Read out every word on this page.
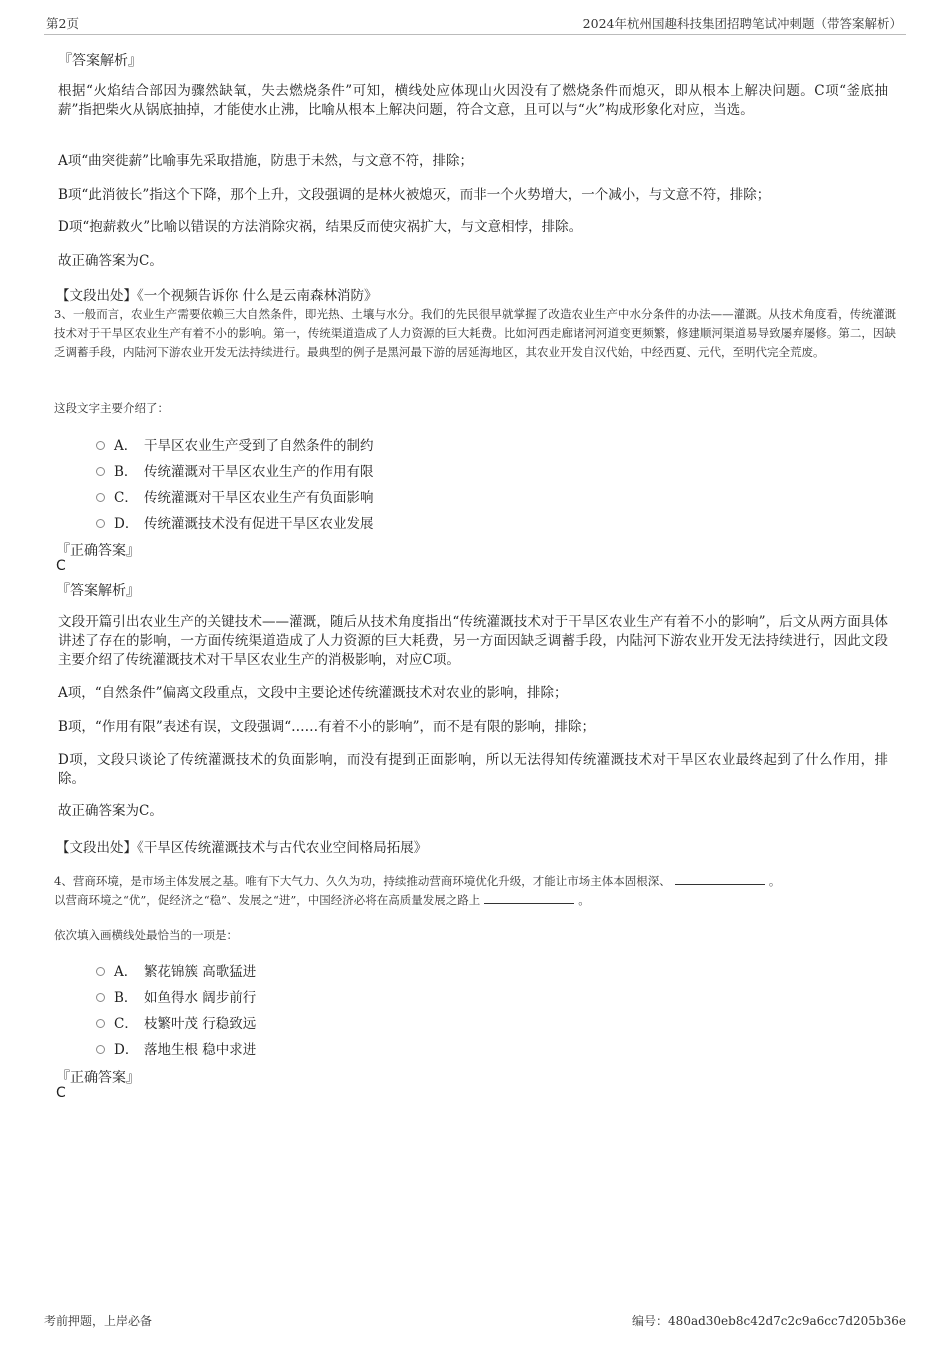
第2页	2024年杭州国趣科技集团招聘笔试冲刺题（带答案解析）
『答案解析』
根据“火焰结合部因为骤然缺氧，失去燃烧条件”可知，横线处应体现山火因没有了燃烧条件而熄灭，即从根本上解决问题。C项“釜底抽薪”指把柴火从锅底抽掉，才能使水止沸，比喻从根本上解决问题，符合文意，且可以与“火”构成形象化对应，当选。
A项“曲突徙薪”比喻事先采取措施，防患于未然，与文意不符，排除；
B项“此消彼长”指这个下降，那个上升，文段强调的是林火被熄灭，而非一个火势增大，一个减小，与文意不符，排除；
D项“抱薪救火”比喻以错误的方法消除灾祸，结果反而使灾祸扩大，与文意相悖，排除。
故正确答案为C。
【文段出处】《一个视频告诉你 什么是云南森林消防》
3、一般而言，农业生产需要依赖三大自然条件，即光热、土壤与水分。我们的先民很早就掌握了改造农业生产中水分条件的办法——灌溉。从技术角度看，传统灌溉技术对于干旱区农业生产有着不小的影响。第一，传统渠道造成了人力资源的巨大耗费。比如河西走廊诸河河道变更频繁，修建顺河渠道易导致屡弃屡修。第二，因缺乏调蓄手段，内陆河下游农业开发无法持续进行。最典型的例子是黑河最下游的居延海地区，其农业开发自汉代始，中经西夏、元代，至明代完全荒废。
这段文字主要介绍了：
A． 干旱区农业生产受到了自然条件的制约
B． 传统灌溉对干旱区农业生产的作用有限
C． 传统灌溉对干旱区农业生产有负面影响
D． 传统灌溉技术没有促进干旱区农业发展
『正确答案』
C
『答案解析』
文段开篇引出农业生产的关键技术——灌溉，随后从技术角度指出“传统灌溉技术对于干旱区农业生产有着不小的影响”，后文从两方面具体讲述了存在的影响，一方面传统渠道造成了人力资源的巨大耗费，另一方面因缺乏调蓄手段，内陆河下游农业开发无法持续进行，因此文段主要介绍了传统灌溉技术对干旱区农业生产的消极影响，对应C项。
A项，“自然条件”偏离文段重点，文段中主要论述传统灌溉技术对农业的影响，排除；
B项，“作用有限”表述有误，文段强调“……有着不小的影响”，而不是有限的影响，排除；
D项，文段只谈论了传统灌溉技术的负面影响，而没有提到正面影响，所以无法得知传统灌溉技术对干旱区农业最终起到了什么作用，排除。
故正确答案为C。
【文段出处】《干旱区传统灌溉技术与古代农业空间格局拓展》
4、营商环境，是市场主体发展之基。唯有下大气力、久久为功，持续推动营商环境优化升级，才能让市场主体本固根深、	。
以营商环境之“优”，促经济之“稳”、发展之“进”，中国经济必将在高质量发展之路上	。
依次填入画横线处最恰当的一项是：
A． 繁花锦簇 高歌猛进
B． 如鱼得水 阔步前行
C． 枝繁叶茂 行稳致远
D． 落地生根 稳中求进
『正确答案』
C
考前押题，上岸必备	编号：480ad30eb8c42d7c2c9a6cc7d205b36e
